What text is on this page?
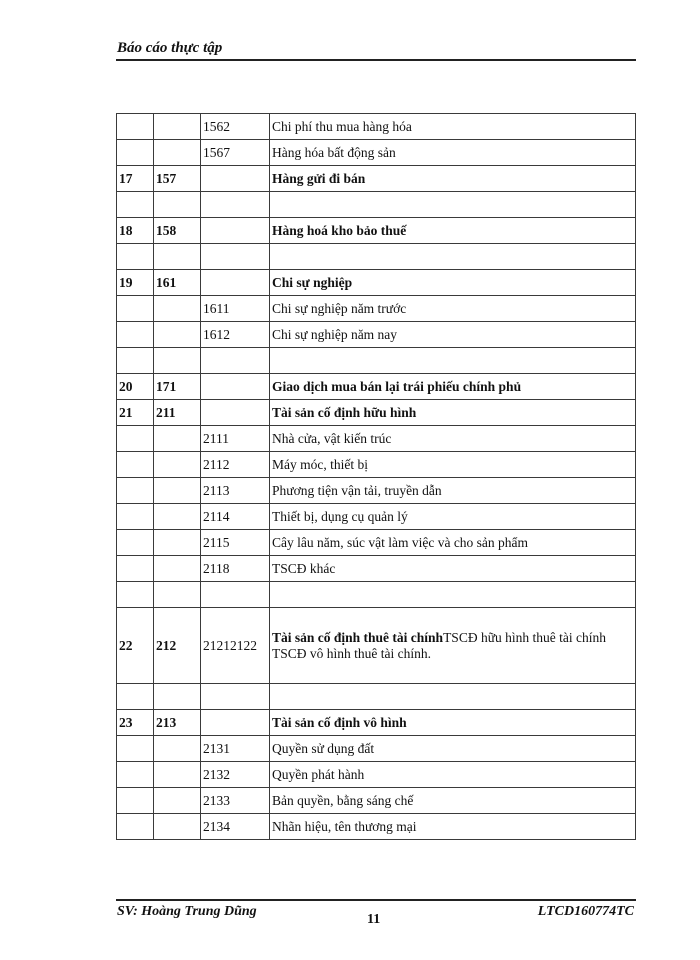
Báo cáo thực tập
		1562	Chi phí thu mua hàng hóa
		1567	Hàng hóa bất động sản
17	157		Hàng gửi đi bán

18	158		Hàng hoá kho bảo thuế

19	161		Chi sự nghiệp
		1611	Chi sự nghiệp năm trước
		1612	Chi sự nghiệp năm nay

20	171		Giao dịch mua bán lại trái phiếu chính phủ
21	211		Tài sản cố định hữu hình
		2111	Nhà cửa, vật kiến trúc
		2112	Máy móc, thiết bị
		2113	Phương tiện vận tải, truyền dẫn
		2114	Thiết bị, dụng cụ quản lý
		2115	Cây lâu năm, súc vật làm việc và cho sản phẩm
		2118	TSCĐ khác

22	212	21212122	Tài sản cố định thuê tài chínhTSCĐ hữu hình thuê tài chính
TSCĐ vô hình thuê tài chính.

23	213		Tài sản cố định vô hình
		2131	Quyền sử dụng đất
		2132	Quyền phát hành
		2133	Bản quyền, bằng sáng chế
		2134	Nhãn hiệu, tên thương mại
SV: Hoàng Trung Dũng
11
LTCD160774TC
